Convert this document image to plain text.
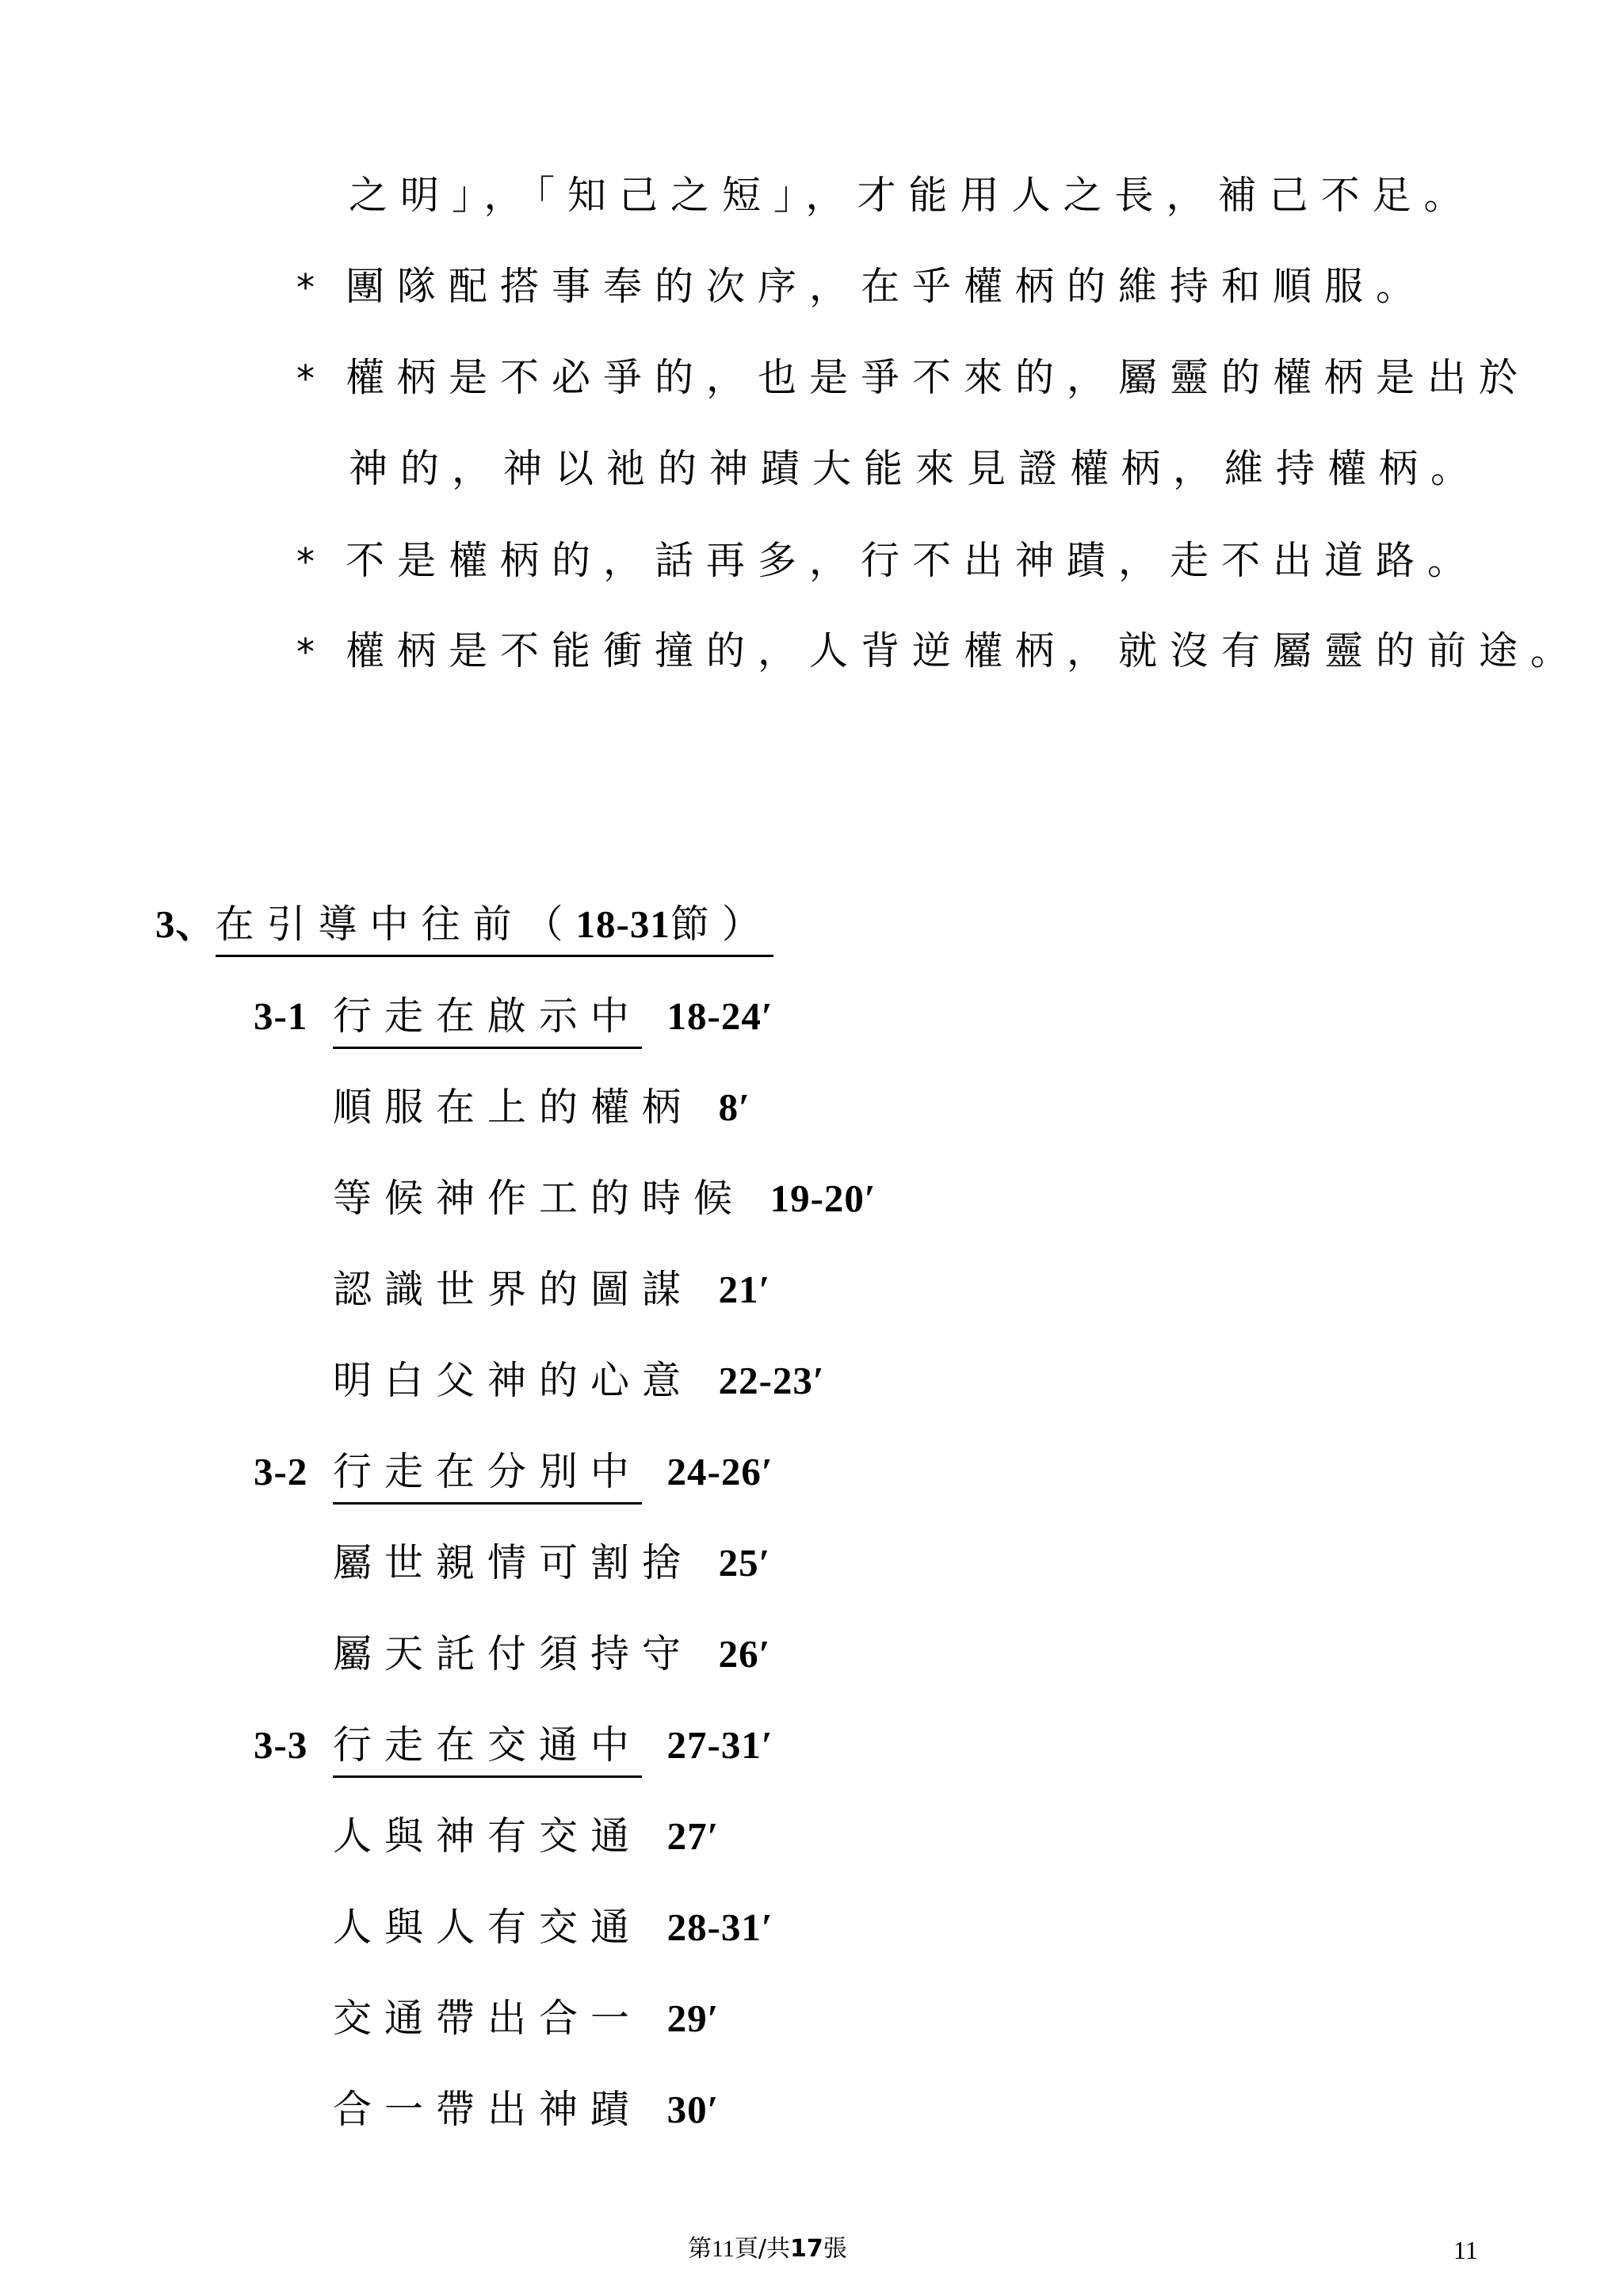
之明」，「知己之短」，才能用人之長，補己不足。
* 團隊配搭事奉的次序，在乎權柄的維持和順服。
* 權柄是不必爭的，也是爭不來的，屬靈的權柄是出於
神的，神以祂的神蹟大能來見證權柄，維持權柄。
* 不是權柄的，話再多，行不出神蹟，走不出道路。
* 權柄是不能衝撞的，人背逆權柄，就沒有屬靈的前途。
3、在引導中往前（18-31節）
3-1 行走在啟示中 18-24′
順服在上的權柄 8′
等候神作工的時候 19-20′
認識世界的圖謀 21′
明白父神的心意 22-23′
3-2 行走在分別中 24-26′
屬世親情可割捨 25′
屬天託付須持守 26′
3-3 行走在交通中 27-31′
人與神有交通 27′
人與人有交通 28-31′
交通帶出合一 29′
合一帶出神蹟 30′
第11頁/共17張	11
